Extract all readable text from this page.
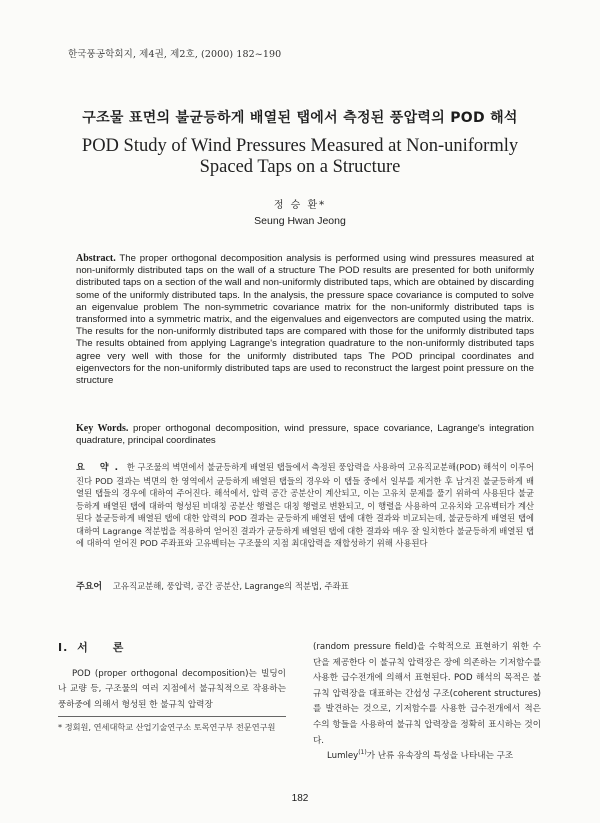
한국풍공학회지, 제4권, 제2호, (2000) 182~190
구조물 표면의 불균등하게 배열된 탭에서 측정된 풍압력의 POD 해석
POD Study of Wind Pressures Measured at Non-uniformly
Spaced Taps on a Structure
정 승 환*
Seung Hwan Jeong
Abstract. The proper orthogonal decomposition analysis is performed using wind pressures measured at non-uniformly distributed taps on the wall of a structure The POD results are presented for both uniformly distributed taps on a section of the wall and non-uniformly distributed taps, which are obtained by discarding some of the uniformly distributed taps. In the analysis, the pressure space covariance is computed to solve an eigenvalue problem The non-symmetric covariance matrix for the non-uniformly distributed taps is transformed into a symmetric matrix, and the eigenvalues and eigenvectors are computed using the matrix. The results for the non-uniformly distributed taps are compared with those for the uniformly distributed taps The results obtained from applying Lagrange's integration quadrature to the non-uniformly distributed taps agree very well with those for the uniformly distributed taps The POD principal coordinates and eigenvectors for the non-uniformly distributed taps are used to reconstruct the largest point pressure on the structure
Key Words. proper orthogonal decomposition, wind pressure, space covariance, Lagrange's integration quadrature, principal coordinates
요 약. 한 구조물의 벽면에서 불균등하게 배열된 탭들에서 측정된 풍압력을 사용하여 고유직교분해(POD) 해석이 이루어진다 POD 결과는 벽면의 한 영역에서 균등하게 배열된 탭들의 경우와 이 탭들 중에서 일부를 제거한 후 남겨진 불균등하게 배열된 탭들의 경우에 대하여 주어진다. 해석에서, 압력 공간 공분산이 계산되고, 이는 고유치 문제를 풀기 위하여 사용된다 불균등하게 배열된 탭에 대하여 형성된 비대칭 공분산 행렬은 대칭 행렬로 변환되고, 이 행렬을 사용하여 고유치와 고유벡터가 계산된다 불균등하게 배열된 탭에 대한 압력의 POD 결과는 균등하게 배열된 탭에 대한 결과와 비교되는데, 불균등하게 배열된 탭에 대하여 Lagrange 적분법을 적용하여 얻어진 결과가 균등하게 배열된 탭에 대한 결과와 매우 잘 일치한다 불균등하게 배열된 탭에 대하여 얻어진 POD 주좌표와 고유벡터는 구조물의 지점 최대압력을 재합성하기 위해 사용된다
주요어 고유직교분해, 풍압력, 공간 공분산, Lagrange의 적분법, 주좌표
I. 서　　론
POD (proper orthogonal decomposition)는 빌딩이나 교량 등, 구조물의 여러 지점에서 불규칙적으로 작용하는 풍하중에 의해서 형성된 한 불규칙 압력장
* 정회원, 연세대학교 산업기술연구소 토목연구부 전문연구원
(random pressure field)을 수학적으로 표현하기 위한 수단을 제공한다 이 불규칙 압력장은 장에 의존하는 기저함수를 사용한 급수전개에 의해서 표현된다. POD 해석의 목적은 불규칙 압력장을 대표하는 간섭성 구조(coherent structures)를 발견하는 것으로, 기저함수를 사용한 급수전개에서 적은 수의 항들을 사용하여 불규칙 압력장을 정확히 표시하는 것이다.
Lumley$^{(1)}$가 난류 유속장의 특성을 나타내는 구조
182
